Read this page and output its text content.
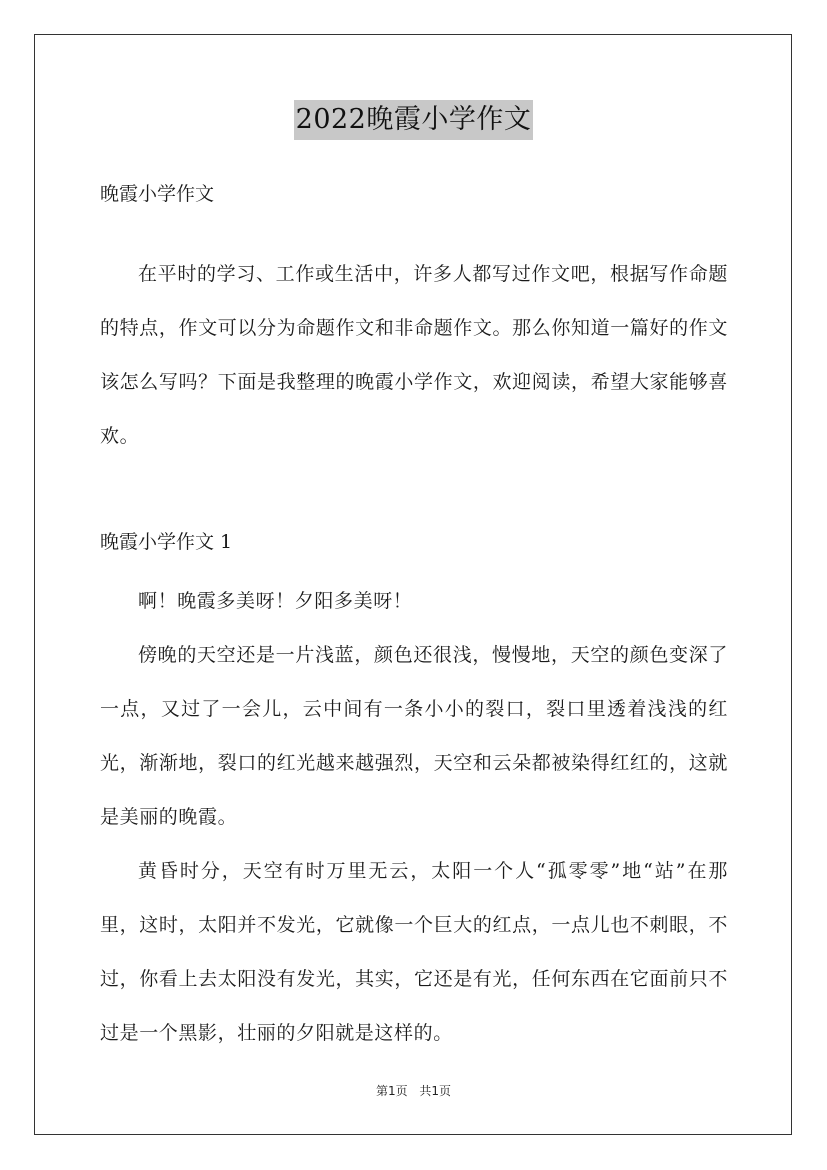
2022晚霞小学作文

晚霞小学作文

在平时的学习、工作或生活中，许多人都写过作文吧，根据写作命题的特点，作文可以分为命题作文和非命题作文。那么你知道一篇好的作文该怎么写吗？下面是我整理的晚霞小学作文，欢迎阅读，希望大家能够喜欢。

晚霞小学作文 1

啊！晚霞多美呀！夕阳多美呀！

傍晚的天空还是一片浅蓝，颜色还很浅，慢慢地，天空的颜色变深了一点，又过了一会儿，云中间有一条小小的裂口，裂口里透着浅浅的红光，渐渐地，裂口的红光越来越强烈，天空和云朵都被染得红红的，这就是美丽的晚霞。

黄昏时分，天空有时万里无云，太阳一个人“孤零零”地“站”在那里，这时，太阳并不发光，它就像一个巨大的红点，一点儿也不刺眼，不过，你看上去太阳没有发光，其实，它还是有光，任何东西在它面前只不过是一个黑影，壮丽的夕阳就是这样的。

第1页 共1页
